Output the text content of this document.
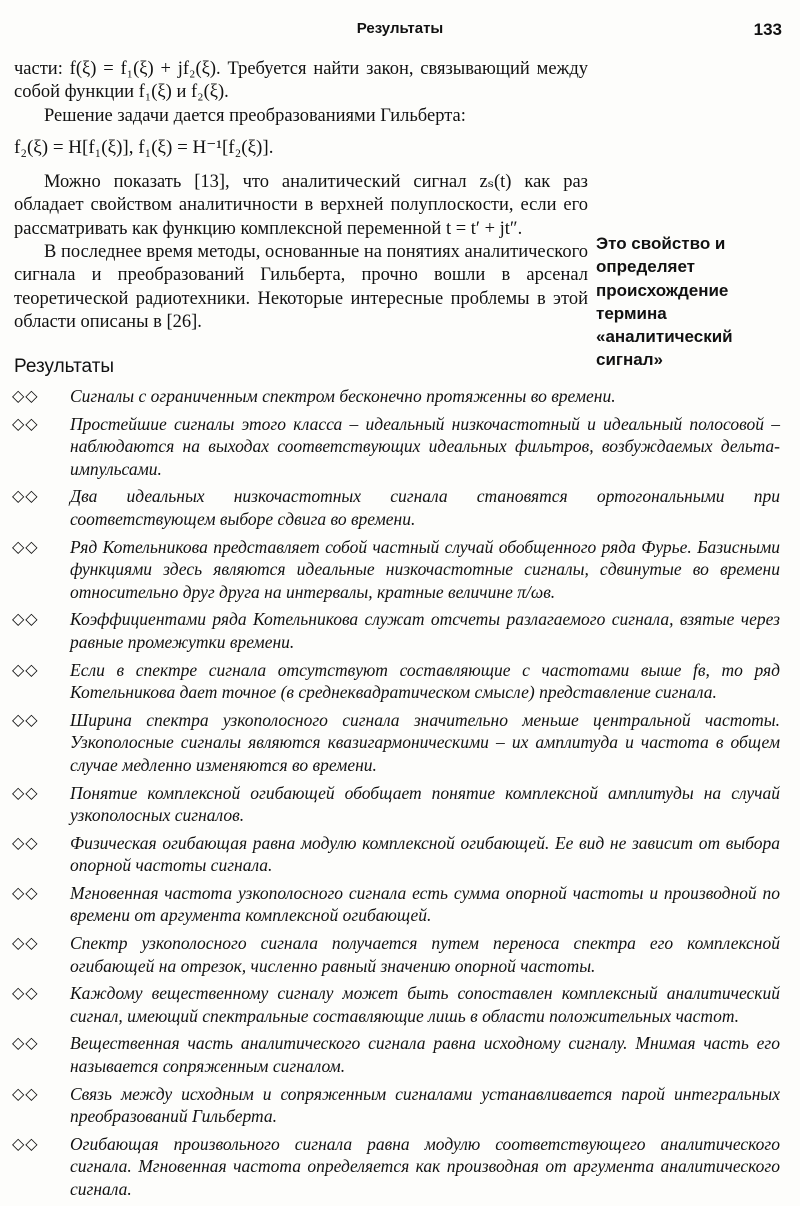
Результаты	133

части: f(ξ) = f₁(ξ) + jf₂(ξ). Требуется найти закон, связывающий между собой функции f₁(ξ) и f₂(ξ).

Решение задачи дается преобразованиями Гильберта:

f₂(ξ) = H[f₁(ξ)], f₁(ξ) = H⁻¹[f₂(ξ)].

Можно показать [13], что аналитический сигнал zₛ(t) как раз обладает свойством аналитичности в верхней полуплоскости, если его рассматривать как функцию комплексной переменной t = t′ + jt″.

В последнее время методы, основанные на понятиях аналитического сигнала и преобразований Гильберта, прочно вошли в арсенал теоретической радиотехники. Некоторые интересные проблемы в этой области описаны в [26].

Это свойство и определяет происхождение термина «аналитический сигнал»
Результаты
◇◇	Сигналы с ограниченным спектром бесконечно протяженны во времени.
◇◇	Простейшие сигналы этого класса – идеальный низкочастотный и идеальный полосовой – наблюдаются на выходах соответствующих идеальных фильтров, возбуждаемых дельта-импульсами.
◇◇	Два идеальных низкочастотных сигнала становятся ортогональными при соответствующем выборе сдвига во времени.
◇◇	Ряд Котельникова представляет собой частный случай обобщенного ряда Фурье. Базисными функциями здесь являются идеальные низкочастотные сигналы, сдвинутые во времени относительно друг друга на интервалы, кратные величине π/ωв.
◇◇	Коэффициентами ряда Котельникова служат отсчеты разлагаемого сигнала, взятые через равные промежутки времени.
◇◇	Если в спектре сигнала отсутствуют составляющие с частотами выше fв, то ряд Котельникова дает точное (в среднеквадратическом смысле) представление сигнала.
◇◇	Ширина спектра узкополосного сигнала значительно меньше центральной частоты. Узкополосные сигналы являются квазигармоническими – их амплитуда и частота в общем случае медленно изменяются во времени.
◇◇	Понятие комплексной огибающей обобщает понятие комплексной амплитуды на случай узкополосных сигналов.
◇◇	Физическая огибающая равна модулю комплексной огибающей. Ее вид не зависит от выбора опорной частоты сигнала.
◇◇	Мгновенная частота узкополосного сигнала есть сумма опорной частоты и производной по времени от аргумента комплексной огибающей.
◇◇	Спектр узкополосного сигнала получается путем переноса спектра его комплексной огибающей на отрезок, численно равный значению опорной частоты.
◇◇	Каждому вещественному сигналу может быть сопоставлен комплексный аналитический сигнал, имеющий спектральные составляющие лишь в области положительных частот.
◇◇	Вещественная часть аналитического сигнала равна исходному сигналу. Мнимая часть его называется сопряженным сигналом.
◇◇	Связь между исходным и сопряженным сигналами устанавливается парой интегральных преобразований Гильберта.
◇◇	Огибающая произвольного сигнала равна модулю соответствующего аналитического сигнала. Мгновенная частота определяется как производная от аргумента аналитического сигнала.
